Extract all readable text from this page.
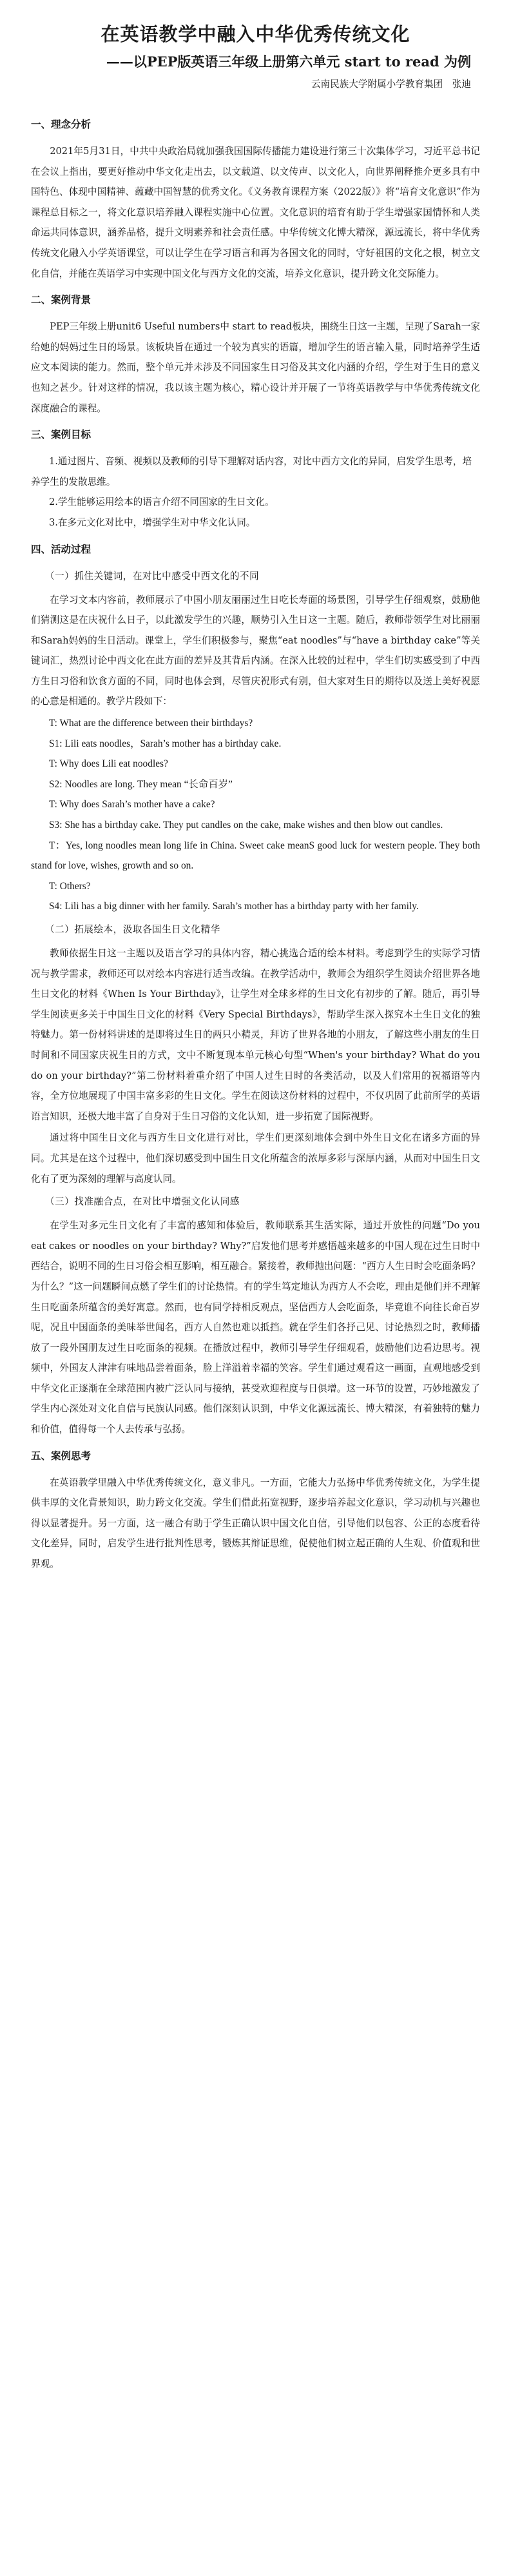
在英语教学中融入中华优秀传统文化
——以PEP版英语三年级上册第六单元 start to read 为例
云南民族大学附属小学教育集团　张迪
一、理念分析

2021年5月31日，中共中央政治局就加强我国国际传播能力建设进行第三十次集体学习，习近平总书记在会议上指出，要更好推动中华文化走出去，以文载道、以文传声、以文化人，向世界阐释推介更多具有中国特色、体现中国精神、蕴藏中国智慧的优秀文化。《义务教育课程方案（2022版）》将“培育文化意识”作为课程总目标之一，将文化意识培养融入课程实施中心位置。文化意识的培育有助于学生增强家国情怀和人类命运共同体意识，涵养品格，提升文明素养和社会责任感。中华传统文化博大精深，源远流长，将中华优秀传统文化融入小学英语课堂，可以让学生在学习语言和再为各国文化的同时，守好祖国的文化之根，树立文化自信，并能在英语学习中实现中国文化与西方文化的交流，培养文化意识，提升跨文化交际能力。

二、案例背景

PEP三年级上册unit6 Useful numbers中 start to read板块，围绕生日这一主题，呈现了Sarah一家给她的妈妈过生日的场景。该板块旨在通过一个较为真实的语篇，增加学生的语言输入量，同时培养学生适应文本阅读的能力。然而，整个单元并未涉及不同国家生日习俗及其文化内涵的介绍，学生对于生日的意义也知之甚少。针对这样的情况，我以该主题为核心，精心设计并开展了一节将英语教学与中华优秀传统文化深度融合的课程。

三、案例目标

1.通过图片、音频、视频以及教师的引导下理解对话内容，对比中西方文化的异同，启发学生思考，培养学生的发散思维。

2.学生能够运用绘本的语言介绍不同国家的生日文化。

3.在多元文化对比中，增强学生对中华文化认同。

四、活动过程
（一）抓住关键词，在对比中感受中西文化的不同

在学习文本内容前，教师展示了中国小朋友丽丽过生日吃长寿面的场景图，引导学生仔细观察，鼓励他们猜测这是在庆祝什么日子，以此激发学生的兴趣，顺势引入生日这一主题。随后，教师带领学生对比丽丽和Sarah妈妈的生日活动。课堂上，学生们积极参与，聚焦“eat noodles”与“have a birthday cake”等关键词汇，热烈讨论中西文化在此方面的差异及其背后内涵。在深入比较的过程中，学生们切实感受到了中西方生日习俗和饮食方面的不同，同时也体会到，尽管庆祝形式有别，但大家对生日的期待以及送上美好祝愿的心意是相通的。教学片段如下：

T: What are the difference between their birthdays?

S1: Lili eats noodles，Sarah’s mother has a birthday cake.

T: Why does Lili eat noodles?

S2: Noodles are long. They mean “长命百岁”

T: Why does Sarah’s mother have a cake?

S3: She has a birthday cake. They put candles on the cake, make wishes and then blow out candles.

T：Yes, long noodles mean long life in China. Sweet cake meanS good luck for western people. They both stand for love, wishes, growth and so on.

T: Others?

S4: Lili has a big dinner with her family. Sarah’s mother has a birthday party with her family.

（二）拓展绘本，汲取各国生日文化精华

教师依据生日这一主题以及语言学习的具体内容，精心挑选合适的绘本材料。考虑到学生的实际学习情况与教学需求，教师还可以对绘本内容进行适当改编。在教学活动中，教师会为组织学生阅读介绍世界各地生日文化的材料《When Is Your Birthday》，让学生对全球多样的生日文化有初步的了解。随后，再引导学生阅读更多关于中国生日文化的材料《Very Special Birthdays》，帮助学生深入探究本土生日文化的独特魅力。第一份材料讲述的是即将过生日的两只小精灵，拜访了世界各地的小朋友，了解这些小朋友的生日时间和不同国家庆祝生日的方式，文中不断复现本单元核心句型“When's your birthday? What do you do on your birthday?”第二份材料着重介绍了中国人过生日时的各类活动，以及人们常用的祝福语等内容，全方位地展现了中国丰富多彩的生日文化。学生在阅读这份材料的过程中，不仅巩固了此前所学的英语语言知识，还极大地丰富了自身对于生日习俗的文化认知，进一步拓宽了国际视野。

通过将中国生日文化与西方生日文化进行对比，学生们更深刻地体会到中外生日文化在诸多方面的异同。尤其是在这个过程中，他们深切感受到中国生日文化所蕴含的浓厚多彩与深厚内涵，从而对中国生日文化有了更为深刻的理解与高度认同。

（三）找准融合点，在对比中增强文化认同感

在学生对多元生日文化有了丰富的感知和体验后，教师联系其生活实际，通过开放性的问题“Do you eat cakes or noodles on your birthday? Why?”启发他们思考并感悟越来越多的中国人现在过生日时中西结合，说明不同的生日习俗会相互影响，相互融合。紧接着，教师抛出问题：“西方人生日时会吃面条吗？为什么？”这一问题瞬间点燃了学生们的讨论热情。有的学生笃定地认为西方人不会吃，理由是他们并不理解生日吃面条所蕴含的美好寓意。然而，也有同学持相反观点，坚信西方人会吃面条，毕竟谁不向往长命百岁呢，况且中国面条的美味举世闻名，西方人自然也难以抵挡。就在学生们各抒己见、讨论热烈之时，教师播放了一段外国朋友过生日吃面条的视频。在播放过程中，教师引导学生仔细观看，鼓励他们边看边思考。视频中，外国友人津津有味地品尝着面条，脸上洋溢着幸福的笑容。学生们通过观看这一画面，直观地感受到中华文化正逐渐在全球范围内被广泛认同与接纳，甚受欢迎程度与日俱增。这一环节的设置，巧妙地激发了学生内心深处对文化自信与民族认同感。他们深刻认识到，中华文化源远流长、博大精深，有着独特的魅力和价值，值得每一个人去传承与弘扬。

五、案例思考

在英语教学里融入中华优秀传统文化，意义非凡。一方面，它能大力弘扬中华优秀传统文化，为学生提供丰厚的文化背景知识，助力跨文化交流。学生们借此拓宽视野，逐步培养起文化意识，学习动机与兴趣也得以显著提升。另一方面，这一融合有助于学生正确认识中国文化自信，引导他们以包容、公正的态度看待文化差异，同时，启发学生进行批判性思考，锻炼其辩证思维，促使他们树立起正确的人生观、价值观和世界观。
